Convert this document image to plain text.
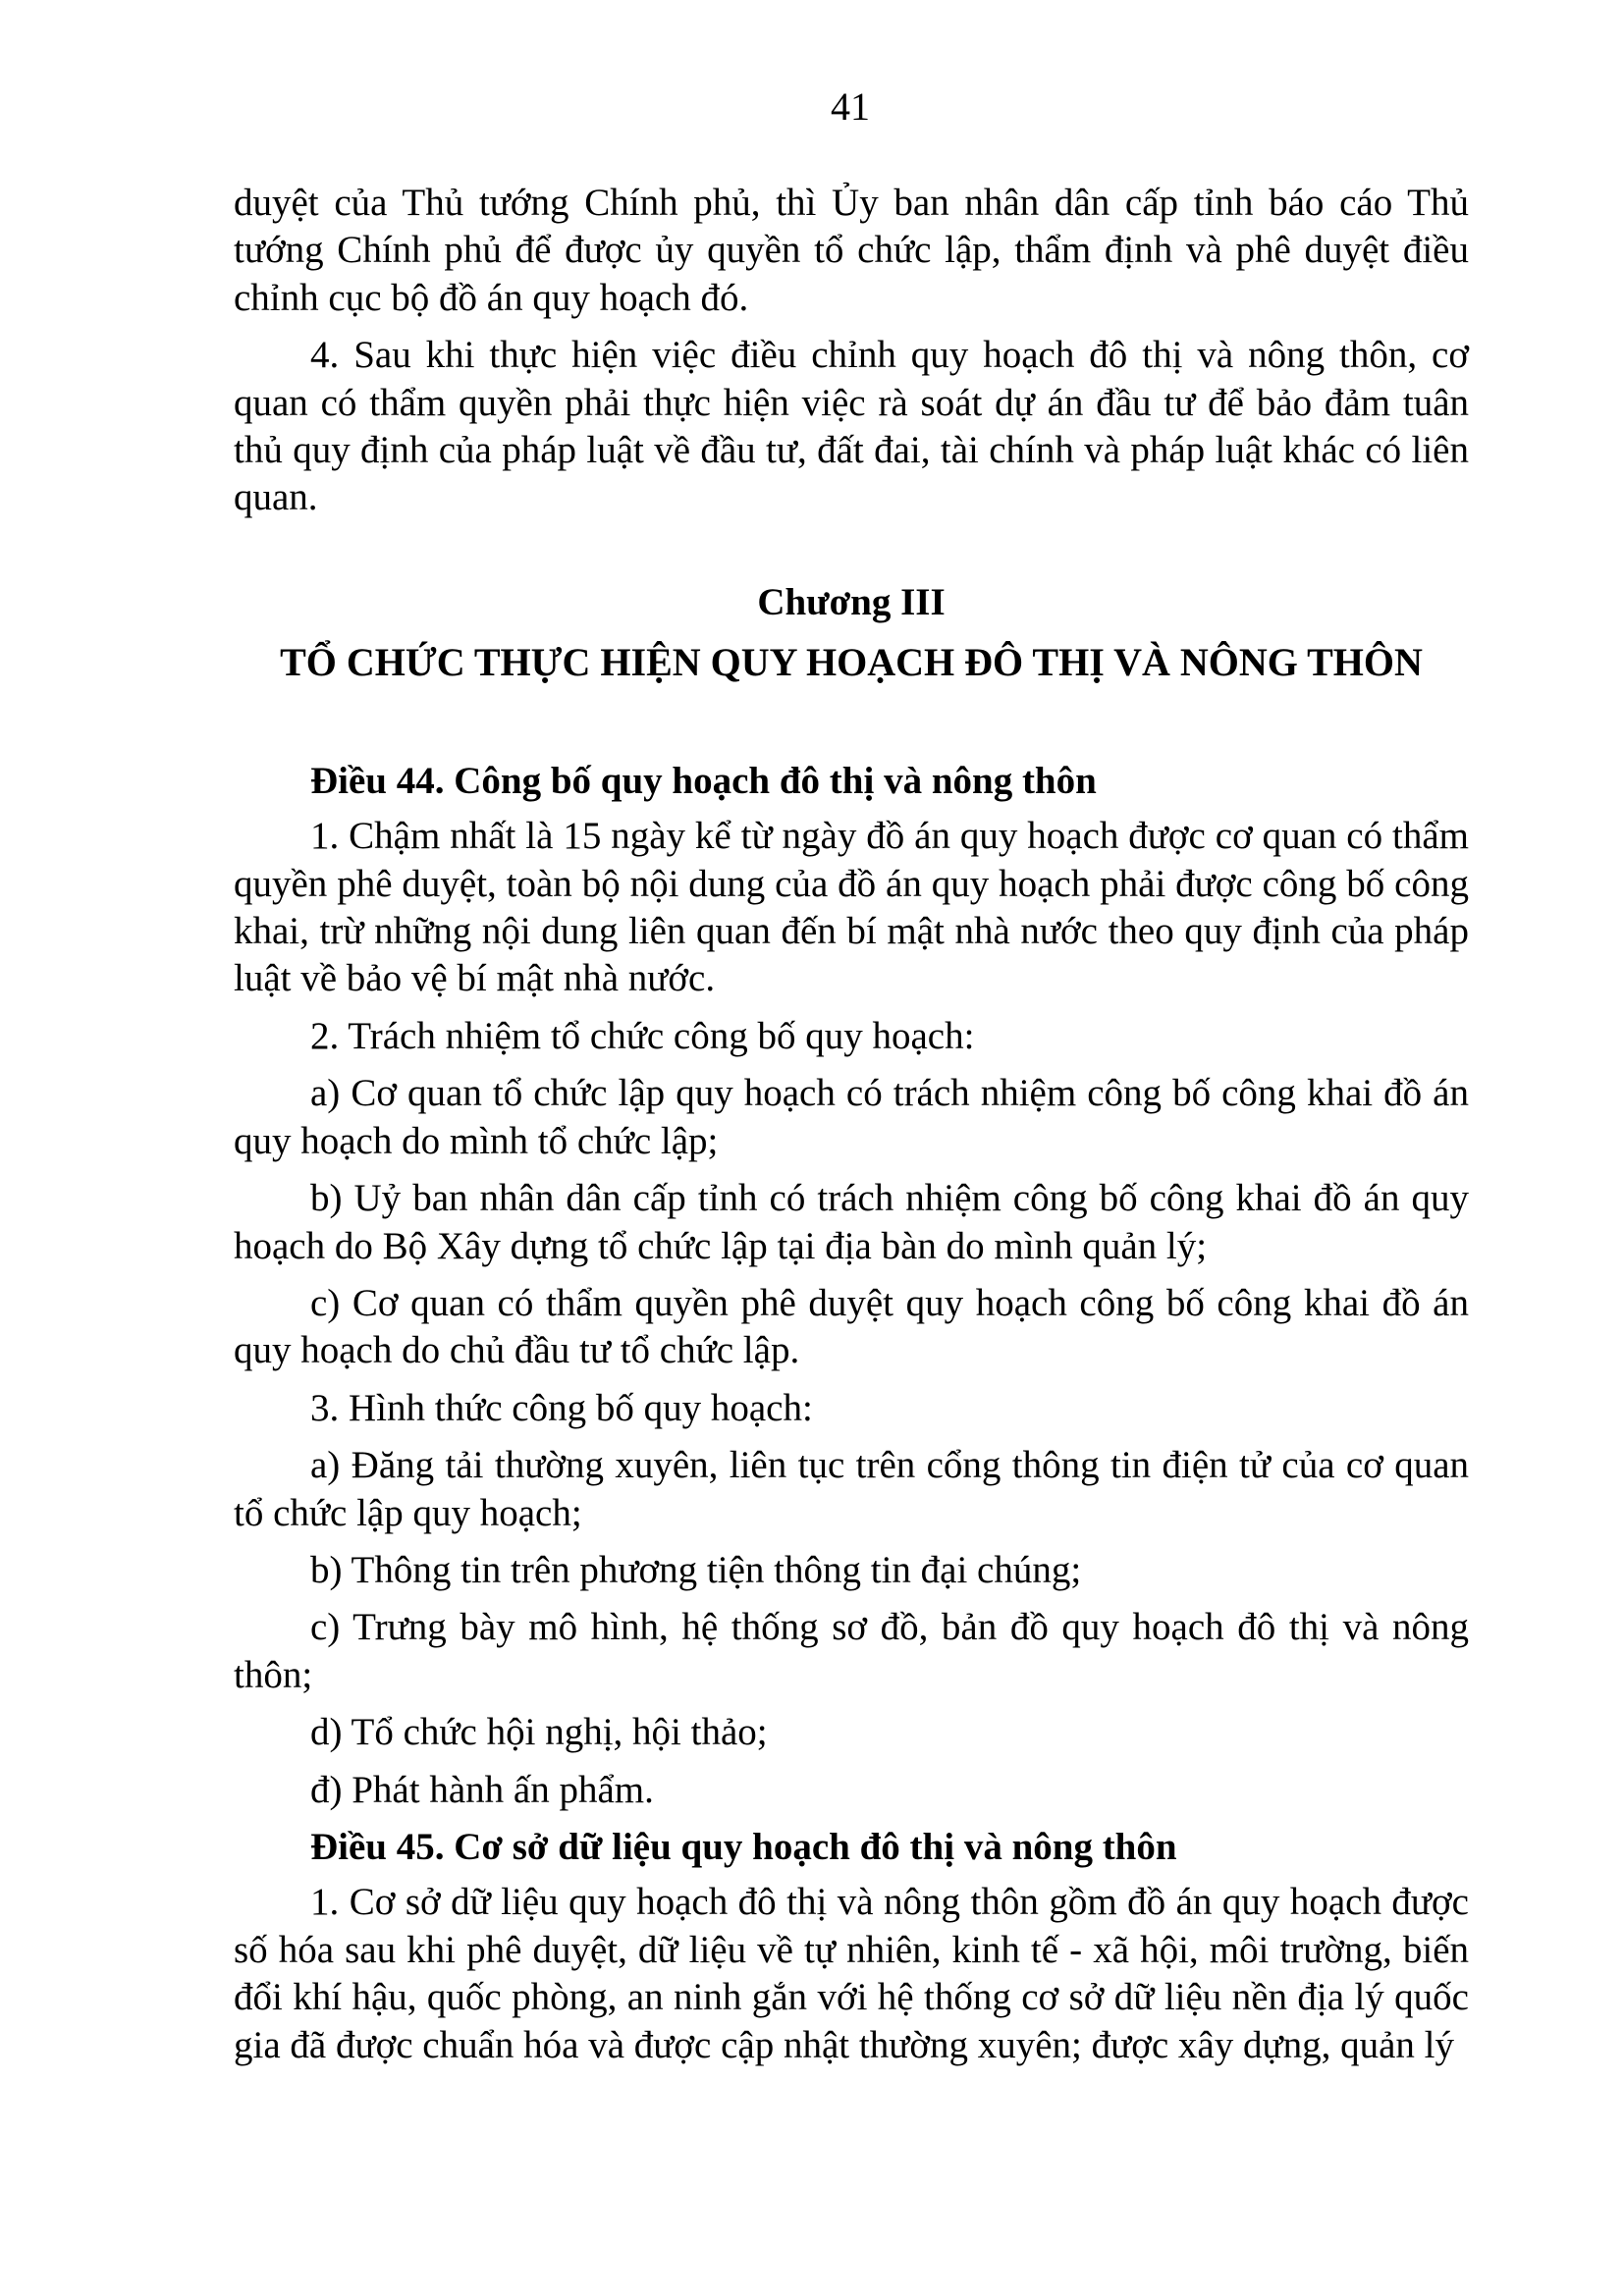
41

duyệt của Thủ tướng Chính phủ, thì Ủy ban nhân dân cấp tỉnh báo cáo Thủ tướng Chính phủ để được ủy quyền tổ chức lập, thẩm định và phê duyệt điều chỉnh cục bộ đồ án quy hoạch đó.

4. Sau khi thực hiện việc điều chỉnh quy hoạch đô thị và nông thôn, cơ quan có thẩm quyền phải thực hiện việc rà soát dự án đầu tư để bảo đảm tuân thủ quy định của pháp luật về đầu tư, đất đai, tài chính và pháp luật khác có liên quan.

Chương III
TỔ CHỨC THỰC HIỆN QUY HOẠCH ĐÔ THỊ VÀ NÔNG THÔN

Điều 44. Công bố quy hoạch đô thị và nông thôn

1. Chậm nhất là 15 ngày kể từ ngày đồ án quy hoạch được cơ quan có thẩm quyền phê duyệt, toàn bộ nội dung của đồ án quy hoạch phải được công bố công khai, trừ những nội dung liên quan đến bí mật nhà nước theo quy định của pháp luật về bảo vệ bí mật nhà nước.

2. Trách nhiệm tổ chức công bố quy hoạch:

a) Cơ quan tổ chức lập quy hoạch có trách nhiệm công bố công khai đồ án quy hoạch do mình tổ chức lập;

b) Uỷ ban nhân dân cấp tỉnh có trách nhiệm công bố công khai đồ án quy hoạch do Bộ Xây dựng tổ chức lập tại địa bàn do mình quản lý;

c) Cơ quan có thẩm quyền phê duyệt quy hoạch công bố công khai đồ án quy hoạch do chủ đầu tư tổ chức lập.

3. Hình thức công bố quy hoạch:

a) Đăng tải thường xuyên, liên tục trên cổng thông tin điện tử của cơ quan tổ chức lập quy hoạch;

b) Thông tin trên phương tiện thông tin đại chúng;

c) Trưng bày mô hình, hệ thống sơ đồ, bản đồ quy hoạch đô thị và nông thôn;

d) Tổ chức hội nghị, hội thảo;

đ) Phát hành ấn phẩm.

Điều 45. Cơ sở dữ liệu quy hoạch đô thị và nông thôn

1. Cơ sở dữ liệu quy hoạch đô thị và nông thôn gồm đồ án quy hoạch được số hóa sau khi phê duyệt, dữ liệu về tự nhiên, kinh tế - xã hội, môi trường, biến đổi khí hậu, quốc phòng, an ninh gắn với hệ thống cơ sở dữ liệu nền địa lý quốc gia đã được chuẩn hóa và được cập nhật thường xuyên; được xây dựng, quản lý
